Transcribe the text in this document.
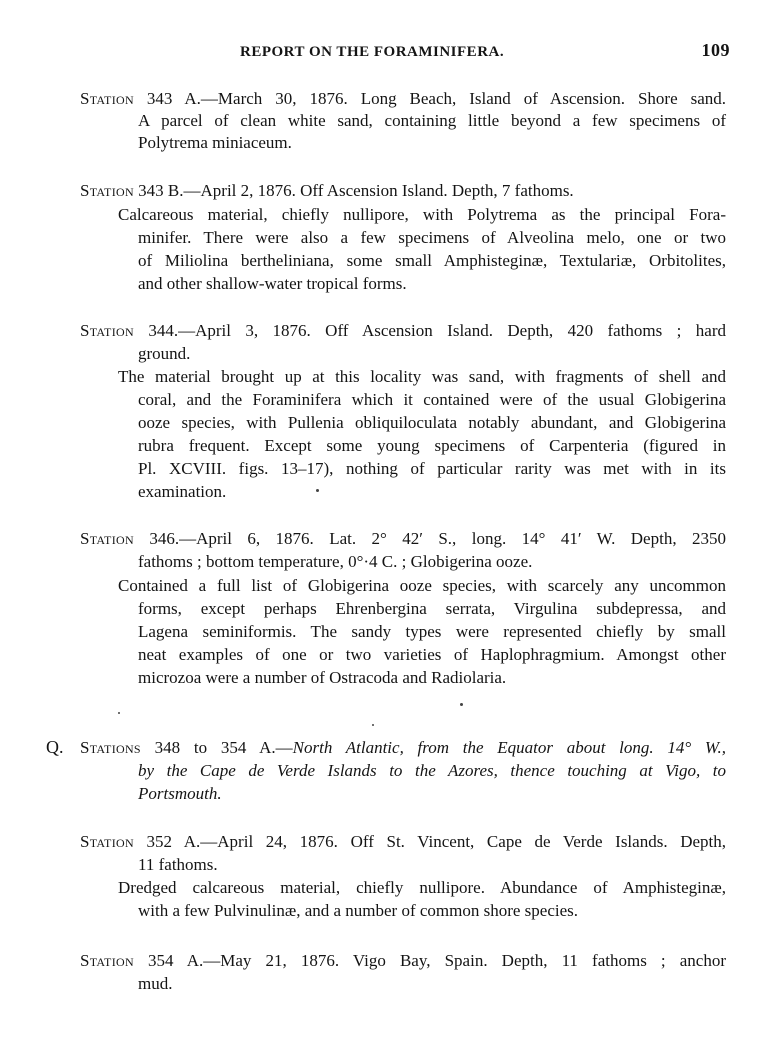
REPORT ON THE FORAMINIFERA.	109
Station 343 A.—March 30, 1876. Long Beach, Island of Ascension. Shore sand.
A parcel of clean white sand, containing little beyond a few specimens of
Polytrema miniaceum.
Station 343 B.—April 2, 1876. Off Ascension Island. Depth, 7 fathoms.
Calcareous material, chiefly nullipore, with Polytrema as the principal Fora-
minifer. There were also a few specimens of Alveolina melo, one or two
of Miliolina bertheliniana, some small Amphisteginæ, Textulariæ, Orbitolites,
and other shallow-water tropical forms.
Station 344.—April 3, 1876. Off Ascension Island. Depth, 420 fathoms ; hard
ground.
The material brought up at this locality was sand, with fragments of shell and
coral, and the Foraminifera which it contained were of the usual Globigerina
ooze species, with Pullenia obliquiloculata notably abundant, and Globigerina
rubra frequent. Except some young specimens of Carpenteria (figured in
Pl. XCVIII. figs. 13–17), nothing of particular rarity was met with in its
examination.
Station 346.—April 6, 1876. Lat. 2° 42′ S., long. 14° 41′ W. Depth, 2350
fathoms ; bottom temperature, 0°·4 C. ; Globigerina ooze.
Contained a full list of Globigerina ooze species, with scarcely any uncommon
forms, except perhaps Ehrenbergina serrata, Virgulina subdepressa, and
Lagena seminiformis. The sandy types were represented chiefly by small
neat examples of one or two varieties of Haplophragmium. Amongst other
microzoa were a number of Ostracoda and Radiolaria.
Q. Stations 348 to 354 A.—North Atlantic, from the Equator about long. 14° W.,
by the Cape de Verde Islands to the Azores, thence touching at Vigo, to
Portsmouth.
Station 352 A.—April 24, 1876. Off St. Vincent, Cape de Verde Islands. Depth,
11 fathoms.
Dredged calcareous material, chiefly nullipore. Abundance of Amphisteginæ,
with a few Pulvinulinæ, and a number of common shore species.
Station 354 A.—May 21, 1876. Vigo Bay, Spain. Depth, 11 fathoms ; anchor
mud.
